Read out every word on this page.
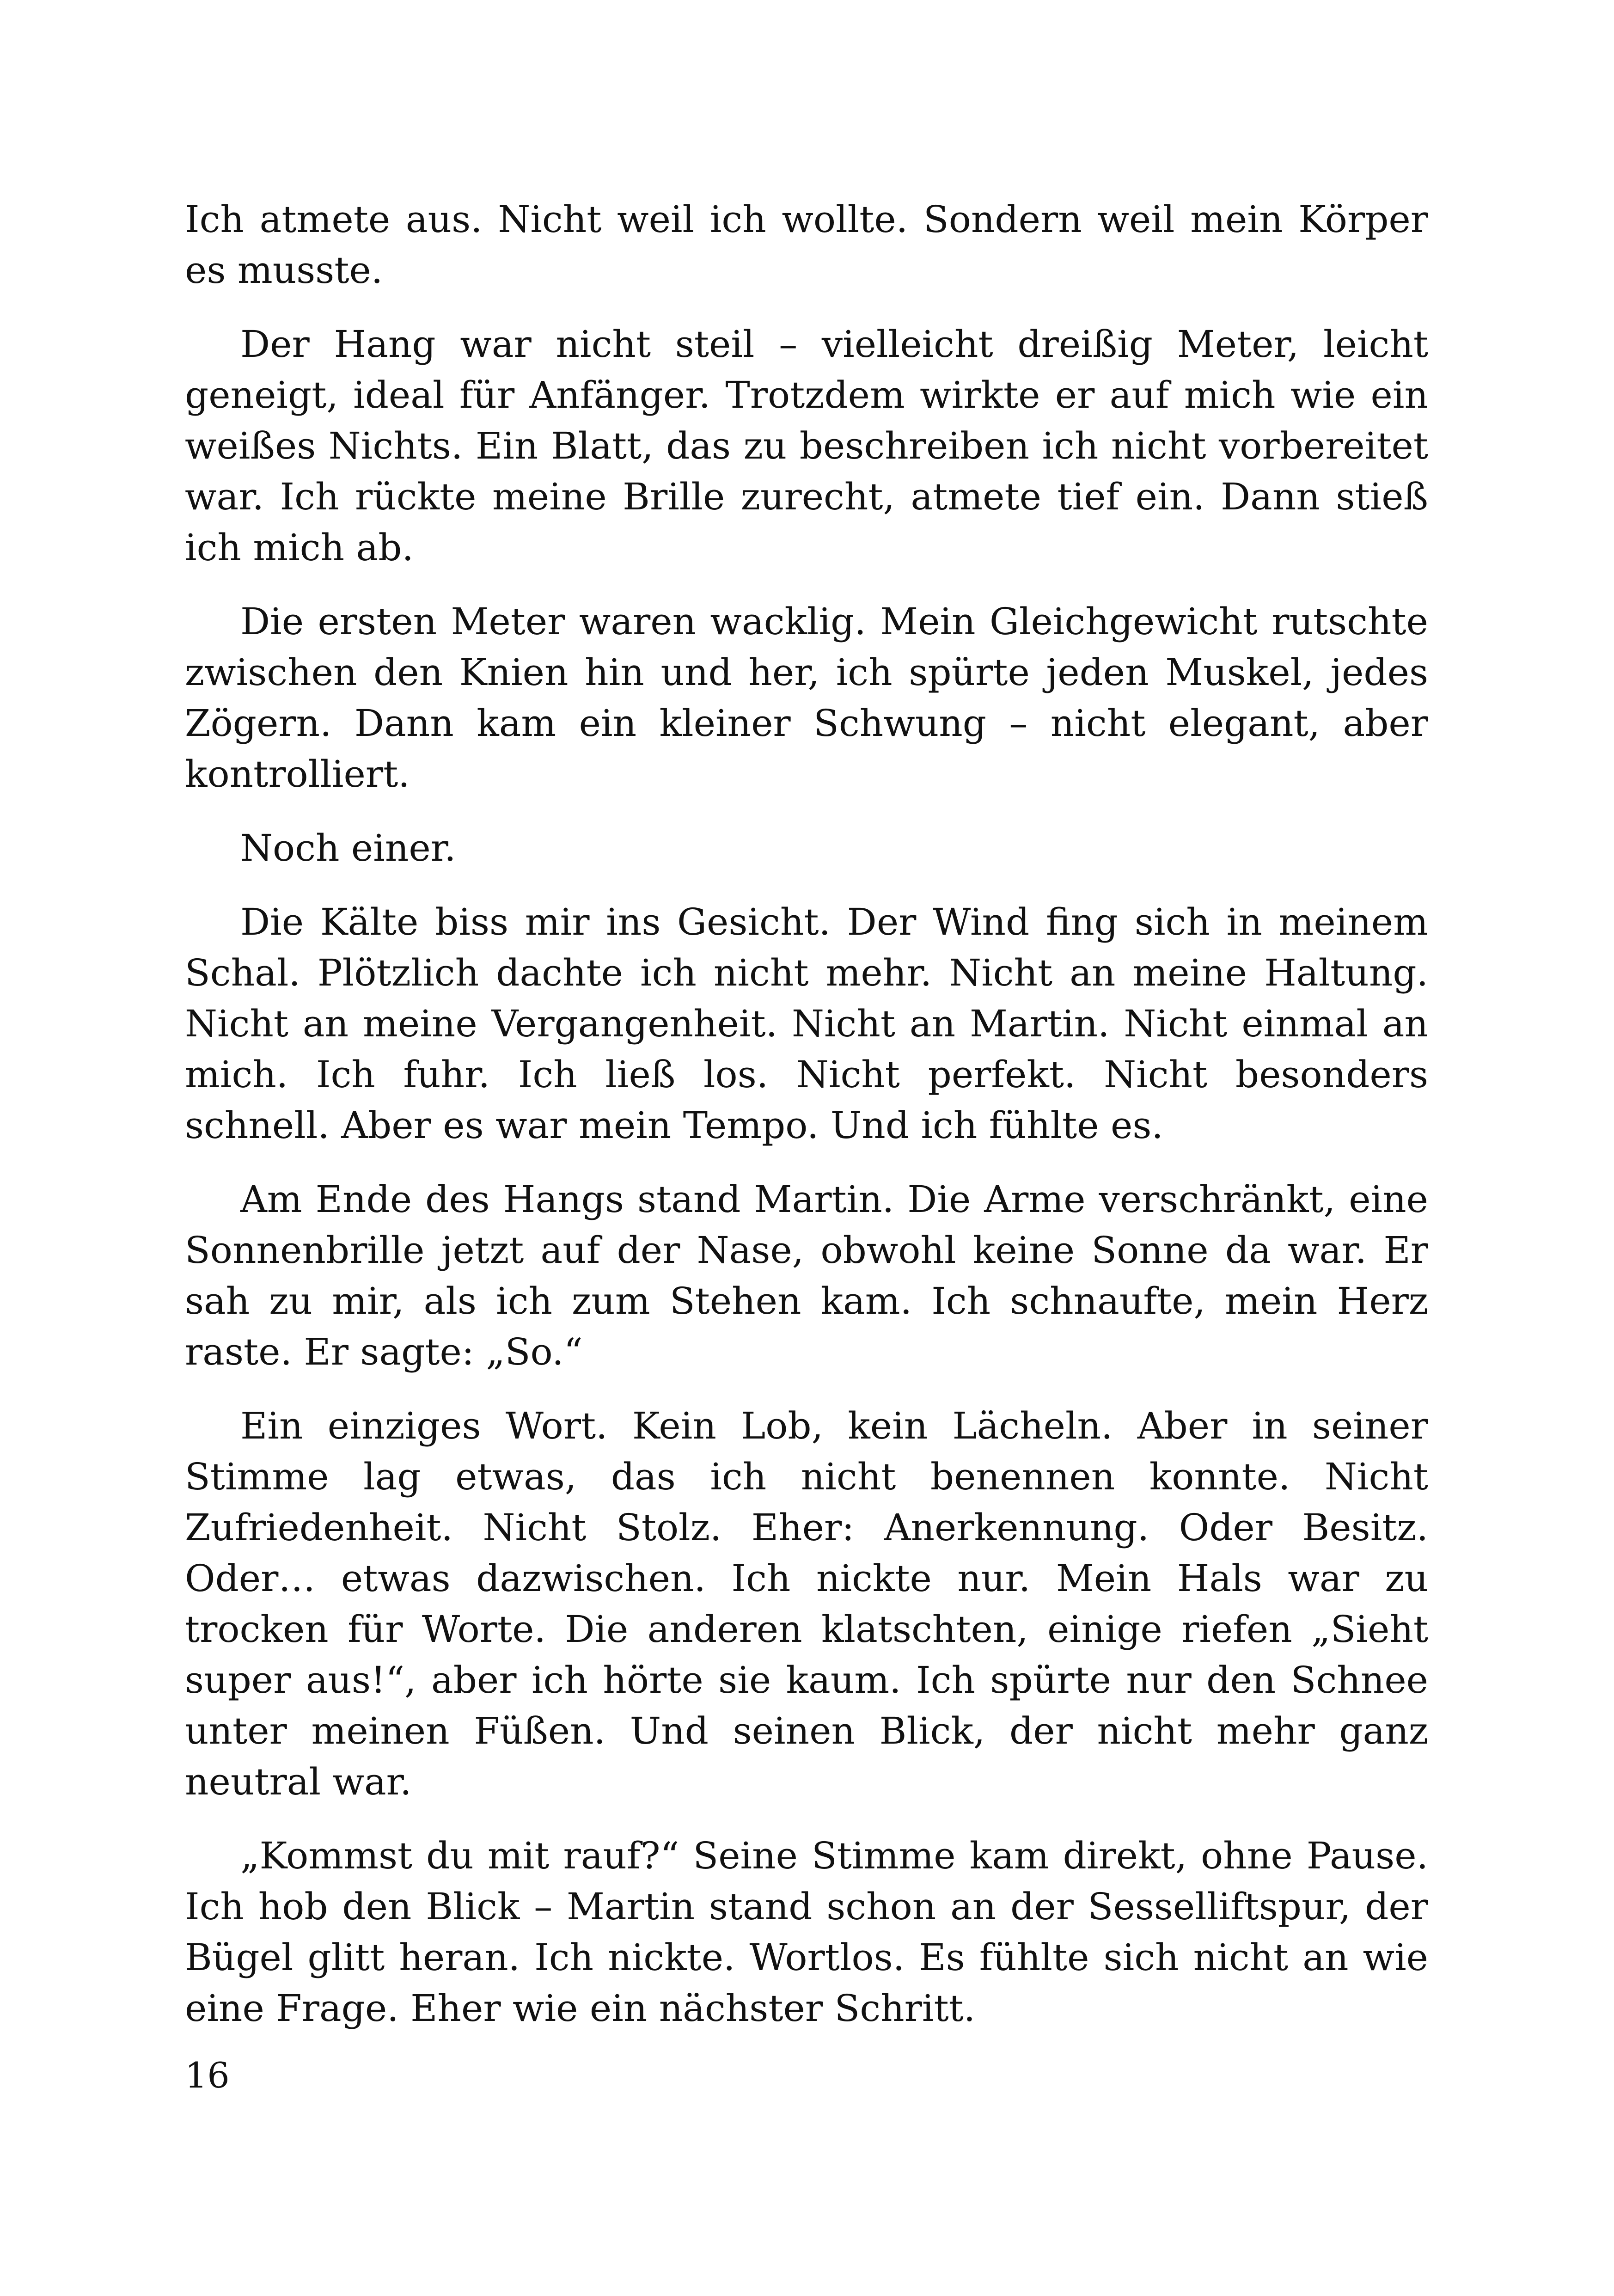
Ich atmete aus. Nicht weil ich wollte. Sondern weil mein Körper es musste.

Der Hang war nicht steil – vielleicht dreißig Meter, leicht geneigt, ideal für Anfänger. Trotzdem wirkte er auf mich wie ein weißes Nichts. Ein Blatt, das zu beschreiben ich nicht vorbereitet war. Ich rückte meine Brille zurecht, atmete tief ein. Dann stieß ich mich ab.

Die ersten Meter waren wacklig. Mein Gleichgewicht rutschte zwischen den Knien hin und her, ich spürte jeden Muskel, jedes Zögern. Dann kam ein kleiner Schwung – nicht elegant, aber kontrolliert.

Noch einer.

Die Kälte biss mir ins Gesicht. Der Wind fing sich in meinem Schal. Plötzlich dachte ich nicht mehr. Nicht an meine Haltung. Nicht an meine Vergangenheit. Nicht an Martin. Nicht einmal an mich. Ich fuhr. Ich ließ los. Nicht perfekt. Nicht besonders schnell. Aber es war mein Tempo. Und ich fühlte es.

Am Ende des Hangs stand Martin. Die Arme verschränkt, eine Sonnenbrille jetzt auf der Nase, obwohl keine Sonne da war. Er sah zu mir, als ich zum Stehen kam. Ich schnaufte, mein Herz raste. Er sagte: „So.“

Ein einziges Wort. Kein Lob, kein Lächeln. Aber in seiner Stimme lag etwas, das ich nicht benennen konnte. Nicht Zufriedenheit. Nicht Stolz. Eher: Anerkennung. Oder Besitz. Oder… etwas dazwischen. Ich nickte nur. Mein Hals war zu trocken für Worte. Die anderen klatschten, einige riefen „Sieht super aus!“, aber ich hörte sie kaum. Ich spürte nur den Schnee unter meinen Füßen. Und seinen Blick, der nicht mehr ganz neutral war.

„Kommst du mit rauf?“ Seine Stimme kam direkt, ohne Pause. Ich hob den Blick – Martin stand schon an der Sesselliftspur, der Bügel glitt heran. Ich nickte. Wortlos. Es fühlte sich nicht an wie eine Frage. Eher wie ein nächster Schritt.

16
